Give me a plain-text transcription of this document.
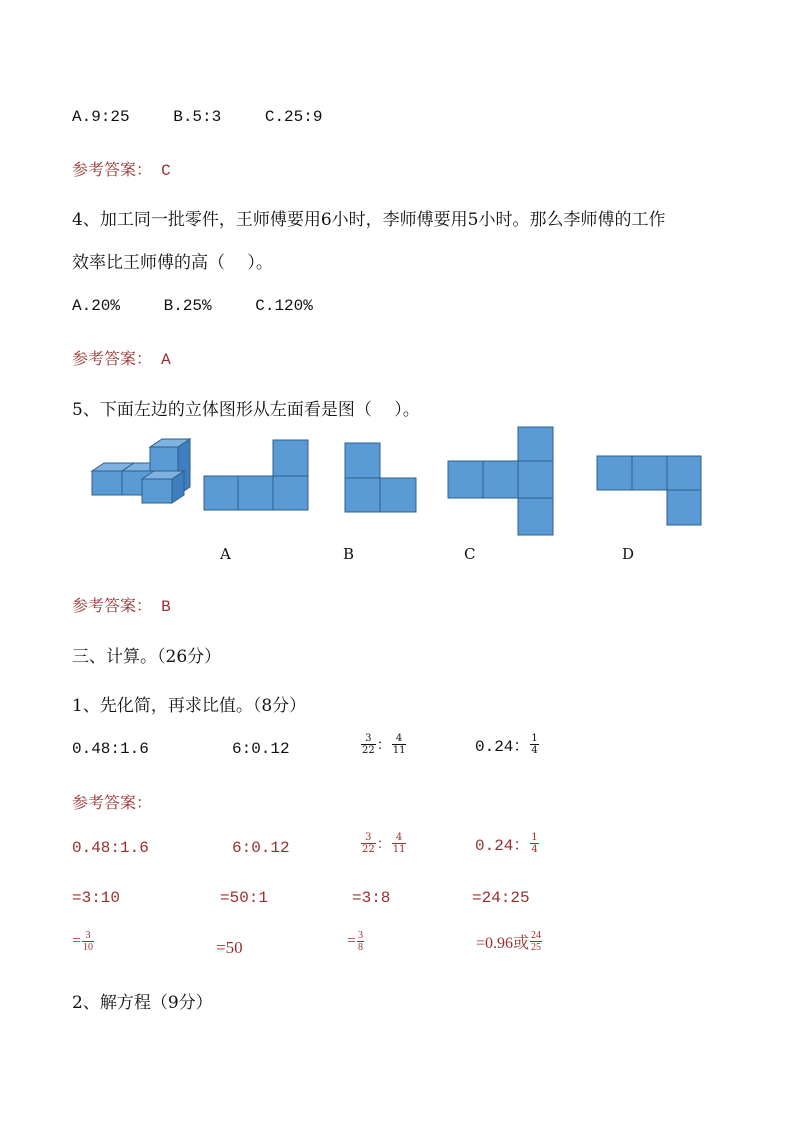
A.9:25	B.5:3	C.25:9
参考答案： C
4、加工同一批零件，王师傅要用6小时，李师傅要用5小时。那么李师傅的工作
效率比王师傅的高（　 ）。
A.20%	B.25%	C.120%
参考答案： A
5、下面左边的立体图形从左面看是图（　 ）。
A	B	C	D
参考答案： B
三、计算。（26分）
1、先化简，再求比值。（8分）
0.48:1.6	6:0.12	$\frac{3}{22}$ ： $\frac{4}{11}$	0.24： $\frac{1}{4}$
参考答案：
0.48:1.6	6:0.12	$\frac{3}{22}$ ： $\frac{4}{11}$	0.24： $\frac{1}{4}$
=3:10	=50:1	=3:8	=24:25
= $\frac{3}{10}$	=50	= $\frac{3}{8}$	=0.96或 $\frac{24}{25}$
2、解方程（9分）
